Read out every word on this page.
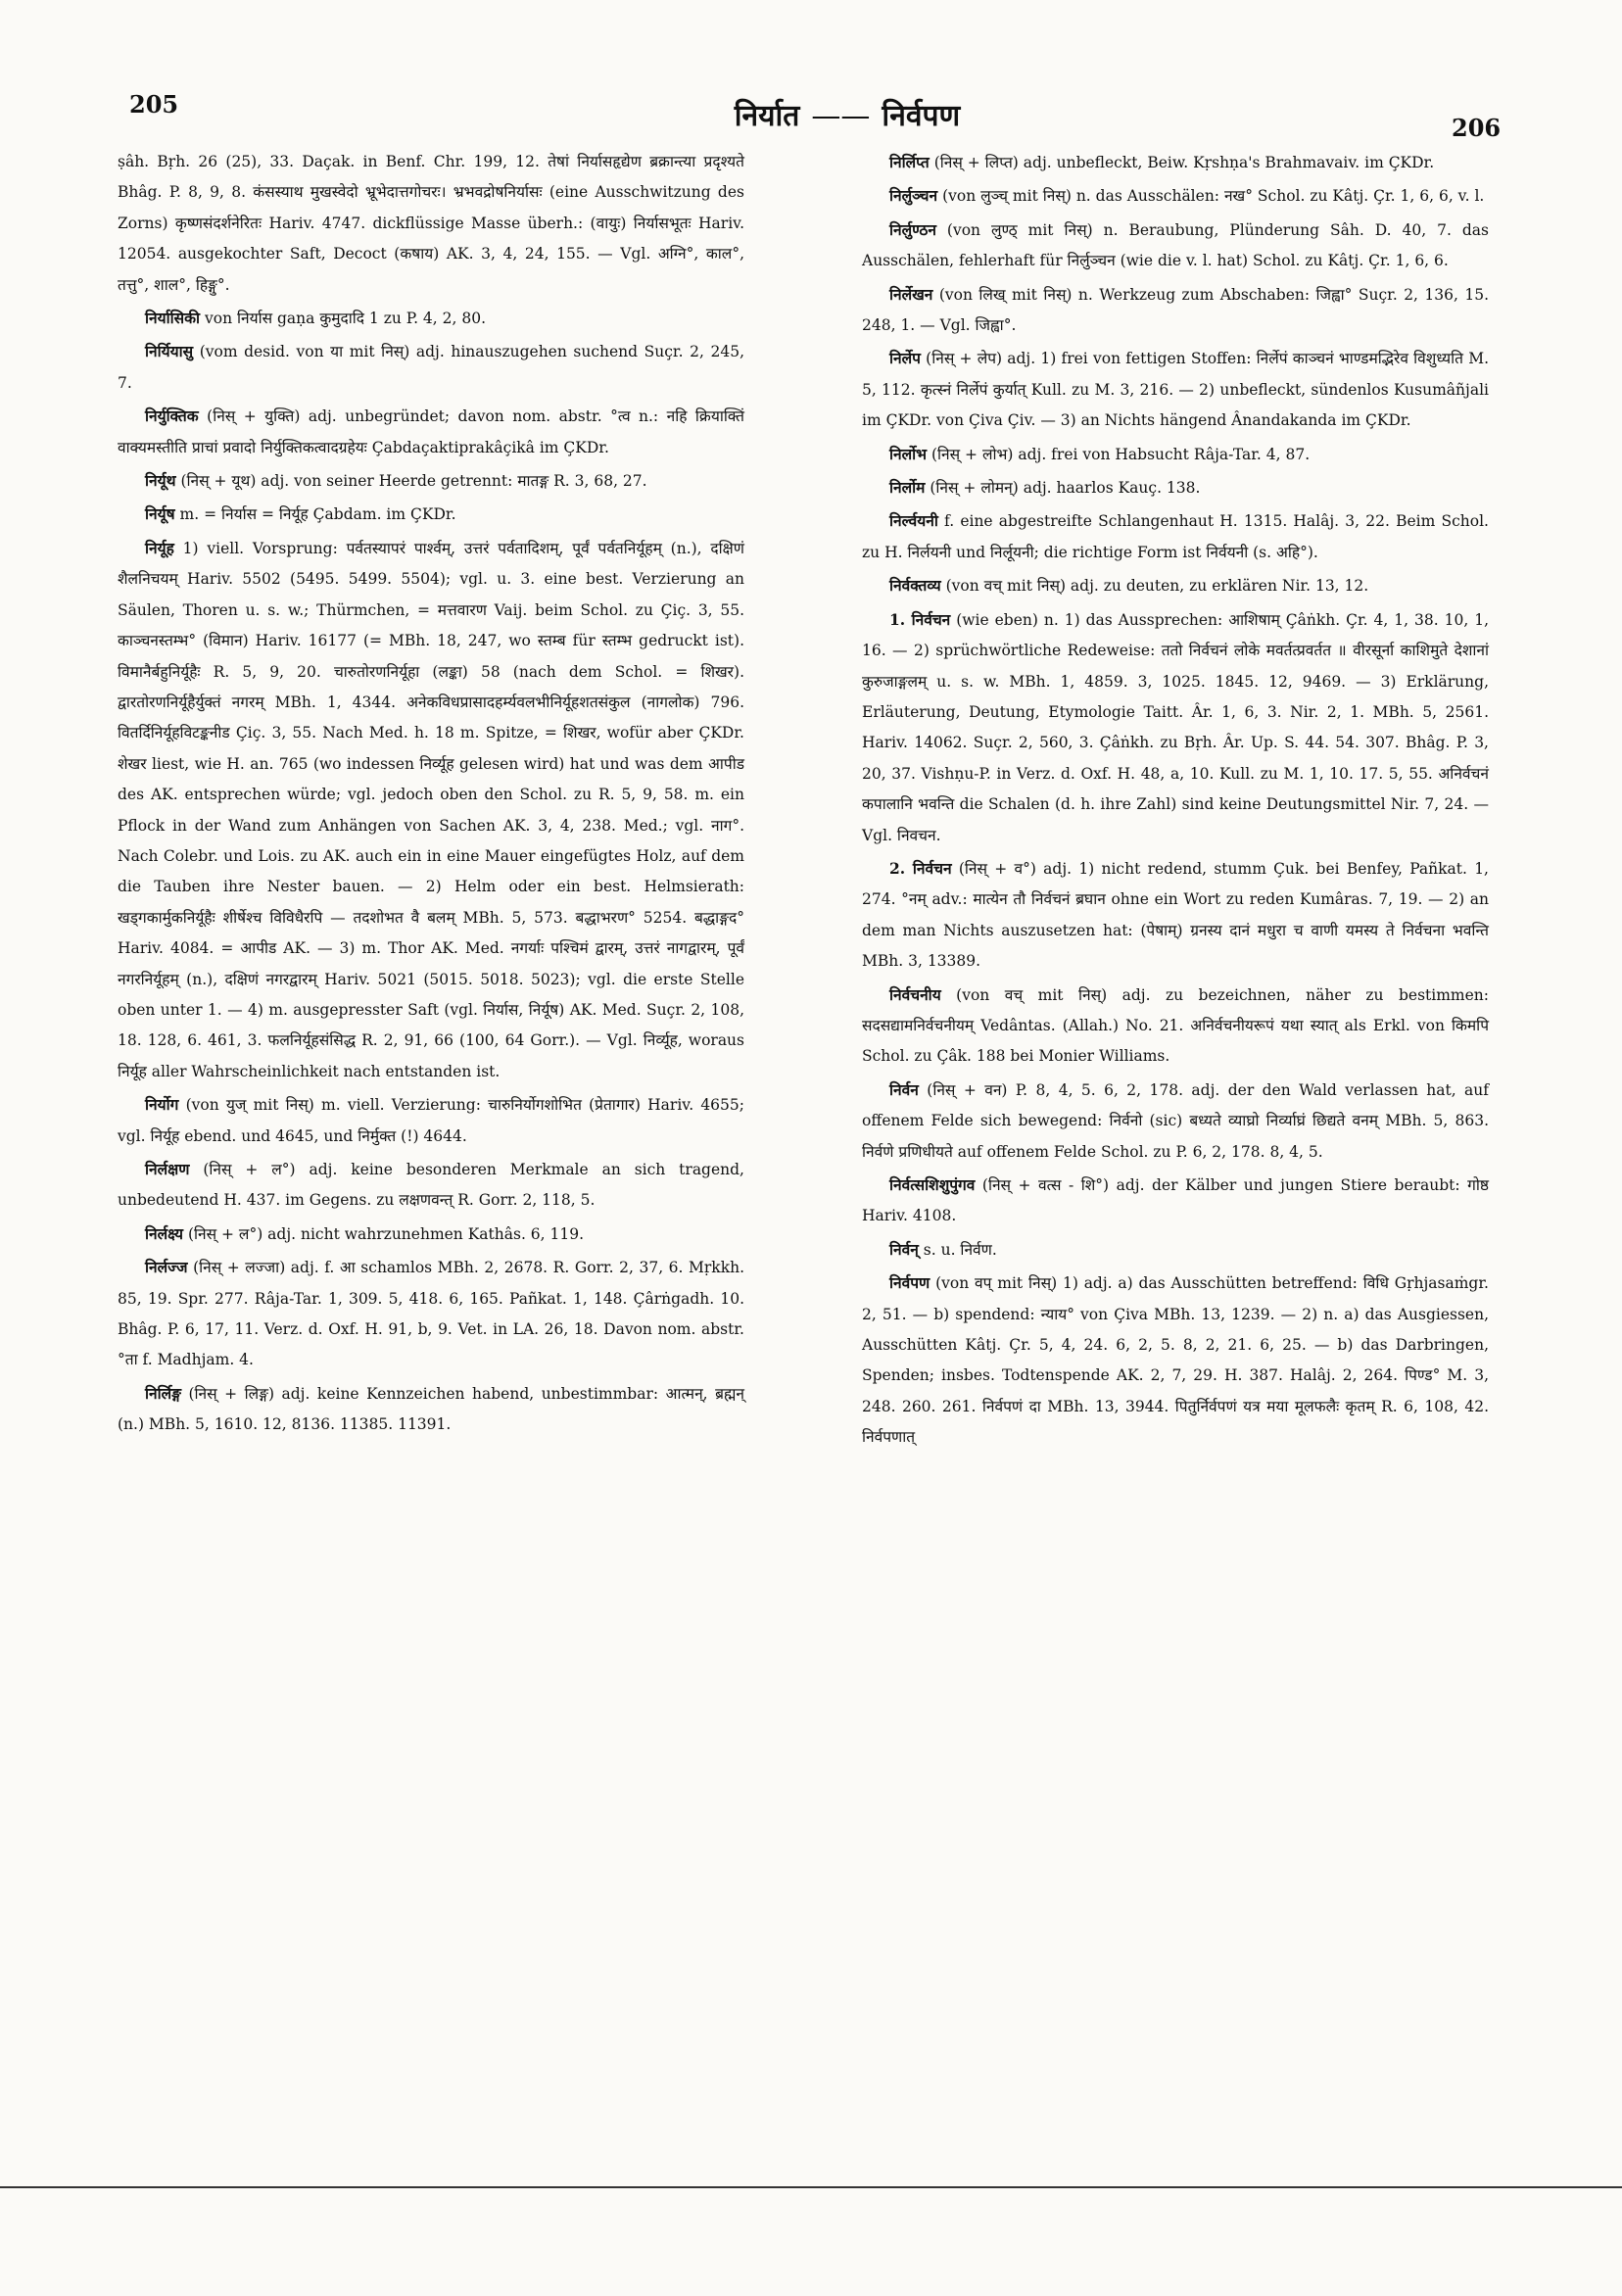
205	निर्यात —— निर्वपण	206

ṣâh. Bṛh. 26 (25), 33. Daçak. in Benf. Chr. 199, 12. तेषां निर्यासहृद्येण ब्रक्रान्त्या प्रदृश्यते Bhâg. P. 8, 9, 8. कंसस्याथ मुखस्वेदो भ्रूभेदात्तगोचरः। भ्रभवद्रोषनिर्यासः (eine Ausschwitzung des Zorns) कृष्णसंदर्शनेरितः Hariv. 4747. dickflüssige Masse überh.: (वायुः) निर्यासभूतः Hariv. 12054. ausgekochter Saft, Decoct (कषाय) AK. 3, 4, 24, 155. — Vgl. अग्नि°, काल°, तत्तु°, शाल°, हिङ्गु°.

निर्यासिकी von निर्यास gaṇa कुमुदादि 1 zu P. 4, 2, 80.

निर्यियासु (vom desid. von या mit निस्) adj. hinauszugehen suchend Suçr. 2, 245, 7.

निर्युक्तिक (निस् + युक्ति) adj. unbegründet; davon nom. abstr. °त्व n.: नहि क्रियाक्तिं वाक्यमस्तीति प्राचां प्रवादो निर्युक्तिकत्वादग्रहेयः Çabdaçaktiprakâçikâ im ÇKDr.

निर्यूथ (निस् + यूथ) adj. von seiner Heerde getrennt: मातङ्ग R. 3, 68, 27.

निर्यूष m. = निर्यास = निर्यूह Çabdam. im ÇKDr.

निर्यूह 1) viell. Vorsprung: पर्वतस्यापरं पार्श्वम्, उत्तरं पर्वतादिशम्, पूर्वं पर्वतनिर्यूहम् (n.), दक्षिणं शैलनिचयम् Hariv. 5502 (5495. 5499. 5504); vgl. u. 3. eine best. Verzierung an Säulen, Thoren u. s. w.; Thürmchen, = मत्तवारण Vaij. beim Schol. zu Çiç. 3, 55. काञ्चनस्तम्भ° (विमान) Hariv. 16177 (= MBh. 18, 247, wo स्तम्ब für स्तम्भ gedruckt ist). विमानैर्बहुनिर्यूहैः R. 5, 9, 20. चारुतोरणनिर्यूहा (लङ्का) 58 (nach dem Schol. = शिखर). द्वारतोरणनिर्यूहैर्युक्तं नगरम् MBh. 1, 4344. अनेकविधप्रासादहर्म्यवलभीनिर्यूहशतसंकुल (नागलोक) 796. वितर्दिनिर्यूहविटङ्कनीड Çiç. 3, 55. Nach Med. h. 18 m. Spitze, = शिखर, wofür aber ÇKDr. शेखर liest, wie H. an. 765 (wo indessen निर्व्यूह gelesen wird) hat und was dem आपीड des AK. entsprechen würde; vgl. jedoch oben den Schol. zu R. 5, 9, 58. m. ein Pflock in der Wand zum Anhängen von Sachen AK. 3, 4, 238. Med.; vgl. नाग°. Nach Colebr. und Lois. zu AK. auch ein in eine Mauer eingefügtes Holz, auf dem die Tauben ihre Nester bauen. — 2) Helm oder ein best. Helmsierath: खड्गकार्मुकनिर्यूहैः शीर्षेश्च विविधैरपि — तदशोभत वै बलम् MBh. 5, 573. बद्धाभरण° 5254. बद्धाङ्गद° Hariv. 4084. = आपीड AK. — 3) m. Thor AK. Med. नगर्याः पश्चिमं द्वारम्, उत्तरं नागद्वारम्, पूर्वं नगरनिर्यूहम् (n.), दक्षिणं नगरद्वारम् Hariv. 5021 (5015. 5018. 5023); vgl. die erste Stelle oben unter 1. — 4) m. ausgepresster Saft (vgl. निर्यास, निर्यूष) AK. Med. Suçr. 2, 108, 18. 128, 6. 461, 3. फलनिर्यूहसंसिद्ध R. 2, 91, 66 (100, 64 Gorr.). — Vgl. निर्व्यूह, woraus निर्यूह aller Wahrscheinlichkeit nach entstanden ist.

निर्योग (von युज् mit निस्) m. viell. Verzierung: चारुनिर्योगशोभित (प्रेतागार) Hariv. 4655; vgl. निर्यूह ebend. und 4645, und निर्मुक्त (!) 4644.

निर्लक्षण (निस् + ल°) adj. keine besonderen Merkmale an sich tragend, unbedeutend H. 437. im Gegens. zu लक्षणवन्त् R. Gorr. 2, 118, 5.

निर्लक्ष्य (निस् + ल°) adj. nicht wahrzunehmen Kathâs. 6, 119.

निर्लज्ज (निस् + लज्जा) adj. f. आ schamlos MBh. 2, 2678. R. Gorr. 2, 37, 6. Mṛkkh. 85, 19. Spr. 277. Râja-Tar. 1, 309. 5, 418. 6, 165. Pañkat. 1, 148. Çârṅgadh. 10. Bhâg. P. 6, 17, 11. Verz. d. Oxf. H. 91, b, 9. Vet. in LA. 26, 18. Davon nom. abstr. °ता f. Madhjam. 4.

निर्लिङ्ग (निस् + लिङ्ग) adj. keine Kennzeichen habend, unbestimmbar: आत्मन्, ब्रह्मन् (n.) MBh. 5, 1610. 12, 8136. 11385. 11391.

निर्लिप्त (निस् + लिप्त) adj. unbefleckt, Beiw. Kṛshṇa's Brahmavaiv. im ÇKDr.

निर्लुञ्चन (von लुञ्च् mit निस्) n. das Ausschälen: नख° Schol. zu Kâtj. Çr. 1, 6, 6, v. l.

निर्लुण्ठन (von लुण्ठ् mit निस्) n. Beraubung, Plünderung Sâh. D. 40, 7. das Ausschälen, fehlerhaft für निर्लुञ्चन (wie die v. l. hat) Schol. zu Kâtj. Çr. 1, 6, 6.

निर्लेखन (von लिख् mit निस्) n. Werkzeug zum Abschaben: जिह्वा° Suçr. 2, 136, 15. 248, 1. — Vgl. जिह्वा°.

निर्लेप (निस् + लेप) adj. 1) frei von fettigen Stoffen: निर्लेपं काञ्चनं भाण्डमद्भिरेव विशुध्यति M. 5, 112. कृत्स्नं निर्लेपं कुर्यात् Kull. zu M. 3, 216. — 2) unbefleckt, sündenlos Kusumâñjali im ÇKDr. von Çiva Çiv. — 3) an Nichts hängend Ânandakanda im ÇKDr.

निर्लोभ (निस् + लोभ) adj. frei von Habsucht Râja-Tar. 4, 87.

निर्लोम (निस् + लोमन्) adj. haarlos Kauç. 138.

निर्ल्वयनी f. eine abgestreifte Schlangenhaut H. 1315. Halâj. 3, 22. Beim Schol. zu H. निर्लयनी und निर्लूयनी; die richtige Form ist निर्वयनी (s. अहि°).

निर्वक्तव्य (von वच् mit निस्) adj. zu deuten, zu erklären Nir. 13, 12.

1. निर्वचन (wie eben) n. 1) das Aussprechen: आशिषाम् Çâṅkh. Çr. 4, 1, 38. 10, 1, 16. — 2) sprüchwörtliche Redeweise: ततो निर्वचनं लोके मवर्तत्प्रवर्तत ॥ वीरसूर्ना काशिमुते देशानां कुरुजाङ्गलम् u. s. w. MBh. 1, 4859. 3, 1025. 1845. 12, 9469. — 3) Erklärung, Erläuterung, Deutung, Etymologie Taitt. Âr. 1, 6, 3. Nir. 2, 1. MBh. 5, 2561. Hariv. 14062. Suçr. 2, 560, 3. Çâṅkh. zu Bṛh. Âr. Up. S. 44. 54. 307. Bhâg. P. 3, 20, 37. Vishṇu-P. in Verz. d. Oxf. H. 48, a, 10. Kull. zu M. 1, 10. 17. 5, 55. अनिर्वचनं कपालानि भवन्ति die Schalen (d. h. ihre Zahl) sind keine Deutungsmittel Nir. 7, 24. — Vgl. निवचन.

2. निर्वचन (निस् + व°) adj. 1) nicht redend, stumm Çuk. bei Benfey, Pañkat. 1, 274. °नम् adv.: मात्येन तौ निर्वचनं ब्रघान ohne ein Wort zu reden Kumâras. 7, 19. — 2) an dem man Nichts auszusetzen hat: (पेषाम्) ग्रनस्य दानं मधुरा च वाणी यमस्य ते निर्वचना भवन्ति MBh. 3, 13389.

निर्वचनीय (von वच् mit निस्) adj. zu bezeichnen, näher zu bestimmen: सदसद्यामनिर्वचनीयम् Vedântas. (Allah.) No. 21. अनिर्वचनीयरूपं यथा स्यात् als Erkl. von किमपि Schol. zu Çâk. 188 bei Monier Williams.

निर्वन (निस् + वन) P. 8, 4, 5. 6, 2, 178. adj. der den Wald verlassen hat, auf offenem Felde sich bewegend: निर्वनो (sic) बध्यते व्याघ्रो निर्व्याघ्रं छिद्यते वनम् MBh. 5, 863. निर्वणे प्रणिधीयते auf offenem Felde Schol. zu P. 6, 2, 178. 8, 4, 5.

निर्वत्सशिशुपुंगव (निस् + वत्स - शि°) adj. der Kälber und jungen Stiere beraubt: गोष्ठ Hariv. 4108.

निर्वन् s. u. निर्वण.

निर्वपण (von वप् mit निस्) 1) adj. a) das Ausschütten betreffend: विधि Gṛhjasaṁgr. 2, 51. — b) spendend: न्याय° von Çiva MBh. 13, 1239. — 2) n. a) das Ausgiessen, Ausschütten Kâtj. Çr. 5, 4, 24. 6, 2, 5. 8, 2, 21. 6, 25. — b) das Darbringen, Spenden; insbes. Todtenspende AK. 2, 7, 29. H. 387. Halâj. 2, 264. पिण्ड° M. 3, 248. 260. 261. निर्वपणं दा MBh. 13, 3944. पितुर्निर्वपणं यत्र मया मूलफलैः कृतम् R. 6, 108, 42. निर्वपणात्
